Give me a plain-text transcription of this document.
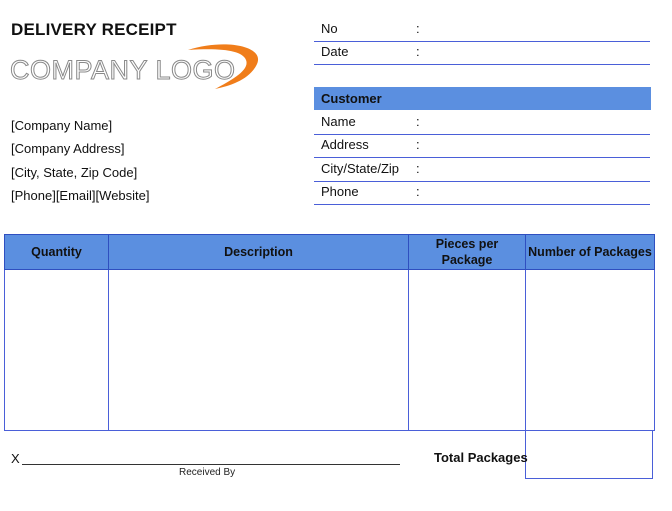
DELIVERY RECEIPT
COMPANY LOGO
[Company Name]
[Company Address]
[City, State, Zip Code]
[Phone][Email][Website]
No	:
Date	:
Customer
Name	:
Address	:
City/State/Zip :
Phone	:
Quantity	Description	Pieces per Package	Number of Packages

Total Packages
X
Received By
